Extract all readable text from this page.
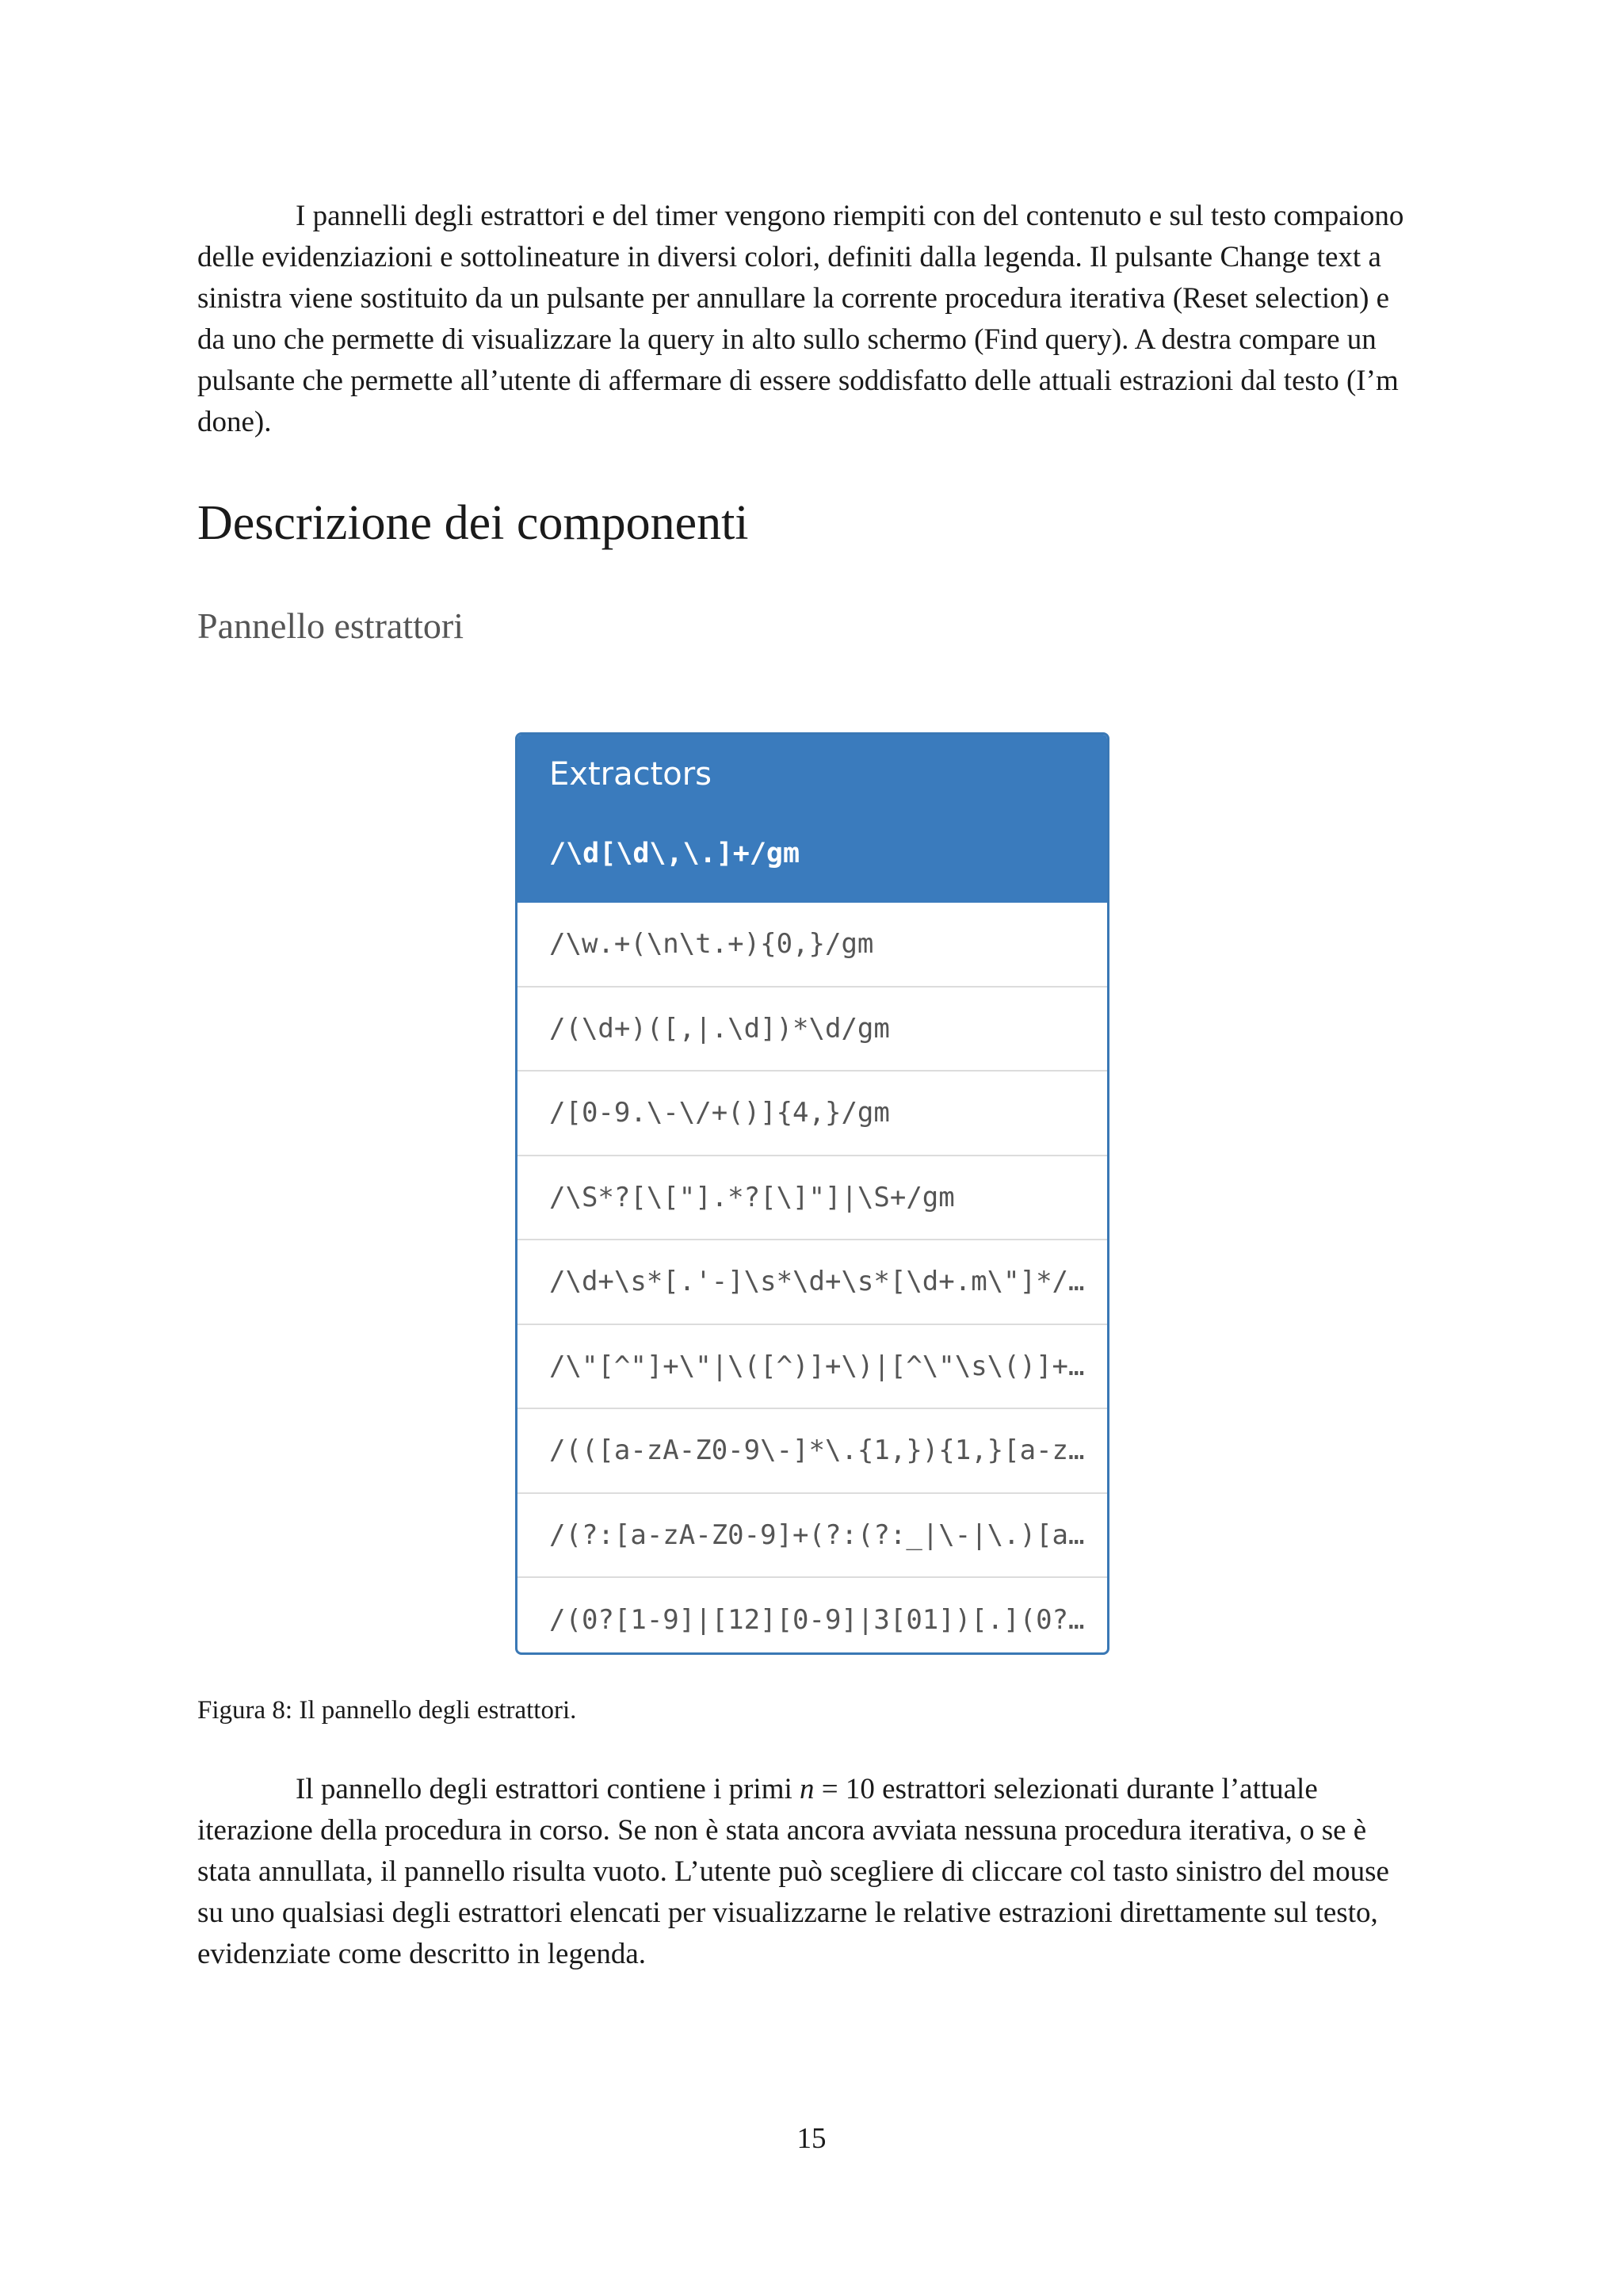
I pannelli degli estrattori e del timer vengono riempiti con del contenuto e sul testo compaiono
delle evidenziazioni e sottolineature in diversi colori, definiti dalla legenda. Il pulsante Change text a
sinistra viene sostituito da un pulsante per annullare la corrente procedura iterativa (Reset selection) e
da uno che permette di visualizzare la query in alto sullo schermo (Find query). A destra compare un
pulsante che permette all’utente di affermare di essere soddisfatto delle attuali estrazioni dal testo (I’m
done).

Descrizione dei componenti
Pannello estrattori
Extractors
/\d[\d\,\.]+/gm
/\w.+(\n\t.+){0,}/gm
/(\d+)([,|.\d])*\d/gm
/[0-9.\-\/+()]{4,}/gm
/\S*?[\["].*?[\]"]|\S+/gm
/\d+\s*[.'-]\s*\d+\s*[\d+.m\"]*/…
/\"[^"]+\"|\([^)]+\)|[^\"\s\()]+…
/(([a-zA-Z0-9\-]*\.{1,}){1,}[a-z…
/(?:[a-zA-Z0-9]+(?:(?:_|\-|\.)[a…
/(0?[1-9]|[12][0-9]|3[01])[.](0?…

Figura 8: Il pannello degli estrattori.

Il pannello degli estrattori contiene i primi n = 10 estrattori selezionati durante l’attuale
iterazione della procedura in corso. Se non è stata ancora avviata nessuna procedura iterativa, o se è
stata annullata, il pannello risulta vuoto. L’utente può scegliere di cliccare col tasto sinistro del mouse
su uno qualsiasi degli estrattori elencati per visualizzarne le relative estrazioni direttamente sul testo,
evidenziate come descritto in legenda.

15
